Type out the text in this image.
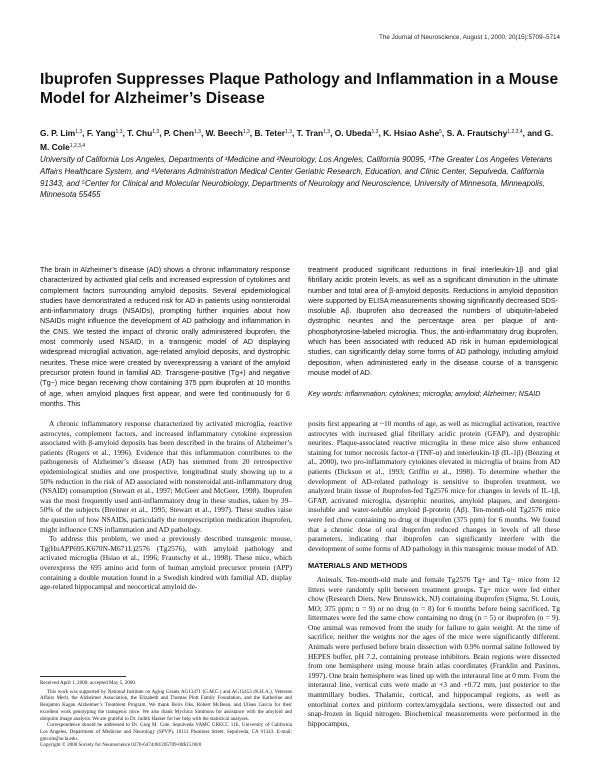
The Journal of Neuroscience, August 1, 2000, 20(15):5709–5714
Ibuprofen Suppresses Plaque Pathology and Inflammation in a Mouse Model for Alzheimer’s Disease
G. P. Lim$^{1,3}$, F. Yang$^{1,3}$, T. Chu$^{1,3}$, P. Chen$^{1,3}$, W. Beech$^{1,3}$, B. Teter$^{1,3}$, T. Tran$^{1,3}$, O. Ubeda$^{1,3}$, K. Hsiao Ashe$^5$, S. A. Frautschy$^{1,2,3,4}$, and G. M. Cole$^{1,2,3,4}$
University of California Los Angeles, Departments of ¹Medicine and ²Neurology, Los Angeles, California 90095, ³The Greater Los Angeles Veterans Affairs Healthcare System, and ⁴Veterans Administration Medical Center Geriatric Research, Education, and Clinic Center, Sepulveda, California 91343, and ⁵Center for Clinical and Molecular Neurobiology, Departments of Neurology and Neuroscience, University of Minnesota, Minneapolis, Minnesota 55455

The brain in Alzheimer’s disease (AD) shows a chronic inflammatory response characterized by activated glial cells and increased expression of cytokines and complement factors surrounding amyloid deposits. Several epidemiological studies have demonstrated a reduced risk for AD in patients using nonsteroidal anti-inflammatory drugs (NSAIDs), prompting further inquiries about how NSAIDs might influence the development of AD pathology and inflammation in the CNS. We tested the impact of chronic orally administered ibuprofen, the most commonly used NSAID, in a transgenic model of AD displaying widespread microglial activation, age-related amyloid deposits, and dystrophic neurites. These mice were created by overexpressing a variant of the amyloid precursor protein found in familial AD. Transgene-positive (Tg+) and negative (Tg−) mice began receiving chow containing 375 ppm ibuprofen at 10 months of age, when amyloid plaques first appear, and were fed continuously for 6 months. This

treatment produced significant reductions in final interleukin-1β and glial fibrillary acidic protein levels, as well as a significant diminution in the ultimate number and total area of β-amyloid deposits. Reductions in amyloid deposition were supported by ELISA measurements showing significantly decreased SDS-insoluble Aβ. Ibuprofen also decreased the numbers of ubiquitin-labeled dystrophic neurites and the percentage area per plaque of anti-phosphotyrosine-labeled microglia. Thus, the anti-inflammatory drug ibuprofen, which has been associated with reduced AD risk in human epidemiological studies, can significantly delay some forms of AD pathology, including amyloid deposition, when administered early in the disease course of a transgenic mouse model of AD.

Key words: inflammation; cytokines; microglia; amyloid; Alzheimer; NSAID

A chronic inflammatory response characterized by activated microglia, reactive astrocytes, complement factors, and increased inflammatory cytokine expression associated with β-amyloid deposits has been described in the brains of Alzheimer’s patients (Rogers et al., 1996). Evidence that this inflammation contributes to the pathogenesis of Alzheimer’s disease (AD) has stemmed from 20 retrospective epidemiological studies and one prospective, longitudinal study showing up to a 50% reduction in the risk of AD associated with nonsteroidal anti-inflammatory drug (NSAID) consumption (Stewart et al., 1997; McGeer and McGeer, 1998). Ibuprofen was the most frequently used anti-inflammatory drug in these studies, taken by 39–50% of the subjects (Breitner et al., 1995; Stewart et al., 1997). These studies raise the question of how NSAIDs, particularly the nonprescription medication ibuprofen, might influence CNS inflammation and AD pathology.

To address this problem, we used a previously described transgenic mouse, Tg(HuAPP695.K670N-M671L)2576 (Tg2576), with amyloid pathology and activated microglia (Hsiao et al., 1996; Frautschy et al., 1998). These mice, which overexpress the 695 amino acid form of human amyloid precursor protein (APP) containing a double mutation found in a Swedish kindred with familial AD, display age-related hippocampal and neocortical amyloid de-

posits first appearing at ~10 months of age, as well as microglial activation, reactive astrocytes with increased glial fibrillary acidic protein (GFAP), and dystrophic neurites. Plaque-associated reactive microglia in these mice also show enhanced staining for tumor necrosis factor-α (TNF-α) and interleukin-1β (IL-1β) (Benzing et al., 2000), two pro-inflammatory cytokines elevated in microglia of brains from AD patients (Dickson et al., 1993; Griffin et al., 1998). To determine whether the development of AD-related pathology is sensitive to ibuprofen treatment, we analyzed brain tissue of ibuprofen-fed Tg2576 mice for changes in levels of IL-1β, GFAP, activated microglia, dystrophic neurites, amyloid plaques, and detergent-insoluble and water-soluble amyloid β-protein (Aβ). Ten-month-old Tg2576 mice were fed chow containing no drug or ibuprofen (375 ppm) for 6 months. We found that a chronic dose of oral ibuprofen reduced changes in levels of all these parameters, indicating that ibuprofen can significantly interfere with the development of some forms of AD pathology in this transgenic mouse model of AD.

MATERIALS AND METHODS

Animals. Ten-month-old male and female Tg2576 Tg+ and Tg− mice from 12 litters were randomly split between treatment groups. Tg+ mice were fed either chow (Research Diets, New Brunswick, NJ) containing ibuprofen (Sigma, St. Louis, MO; 375 ppm; n = 9) or no drug (n = 8) for 6 months before being sacrificed. Tg littermates were fed the same chow containing no drug (n = 5) or ibuprofen (n = 9). One animal was removed from the study for failure to gain weight. At the time of sacrifice, neither the weights nor the ages of the mice were significantly different. Animals were perfused before brain dissection with 0.9% normal saline followed by HEPES buffer, pH 7.2, containing protease inhibitors. Brain regions were dissected from one hemisphere using mouse brain atlas coordinates (Franklin and Paxinos, 1997). One brain hemisphere was lined up with the interaural line at 0 mm. From the interaural line, vertical cuts were made at +3 and +0.72 mm, just posterior to the mammillary bodies. Thalamic, cortical, and hippocampal regions, as well as entorhinal cortex and piriform cortex/amygdala sections, were dissected out and snap-frozen in liquid nitrogen. Biochemical measurements were performed in the hippocampus,

Received April 1, 2000; accepted May 5, 2000.

This work was supported by National Institute on Aging Grants AG13471 (G.M.C.) and AG15453 (K.H.A.), Veterans Affairs Merit, the Alzheimer Association, the Elizabeth and Thomas Plott Family Foundation, and the Katherine and Benjamin Kagan Alzheimer’s Treatment Program. We thank Boris Oks, Robert McBean, and Ulises Garcia for their excellent work genotyping the transgenic mice. We also thank Mychica Simmons for assistance with the amyloid and ubiquitin image analysis. We are grateful to Dr. Judith Hasker for her help with the statistical analyses.

Correspondence should be addressed to Dr. Greg M. Cole, Sepulveda VAMC GRECC 11E, University of California Los Angeles, Department of Medicine and Neurology (SPVP), 16111 Plummer Street, Sepulveda, CA 91343. E-mail: gmcole@ucla.edu.

Copyright © 2000 Society for Neuroscience 0270-6474/00/205709-06$15.00/0
